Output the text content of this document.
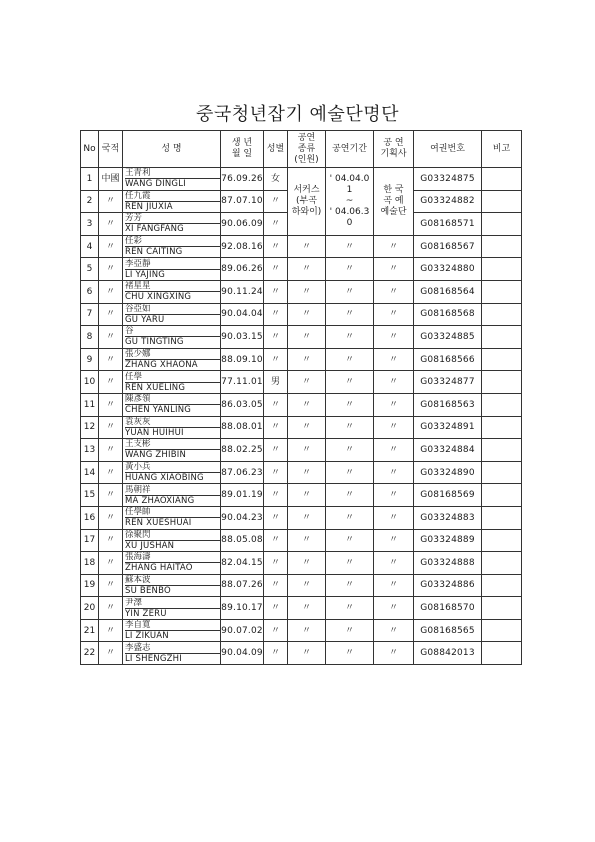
중국청년잡기 예술단명단
No	국적	성 명	생 년
월 일	성별	공연
종류
(인원)	공연기간	공 연
기획사	여권번호	비고
1	中國	王青利
WANG DINGLI	76.09.26	女	서커스
(부곡
하와이)	' 04.04.0
1
~
' 04.06.3
0	한 국
곡 예
예술단	G03324875	
2	〃	任九霞
REN JIUXIA	87.07.10	〃				G03324882	
3	〃	芳芳
XI FANGFANG	90.06.09	〃				G08168571	
4	〃	任彩
REN CAITING	92.08.16	〃	〃	〃	〃	G08168567	
5	〃	李亞靜
LI YAJING	89.06.26	〃	〃	〃	〃	G03324880	
6	〃	褚星星
CHU XINGXING	90.11.24	〃	〃	〃	〃	G08168564	
7	〃	谷亞如
GU YARU	90.04.04	〃	〃	〃	〃	G08168568	
8	〃	谷
GU TINGTING	90.03.15	〃	〃	〃	〃	G03324885	
9	〃	張少娜
ZHANG XHAONA	88.09.10	〃	〃	〃	〃	G08168566	
10	〃	任學
REN XUELING	77.11.01	男	〃	〃	〃	G03324877	
11	〃	陳彥領
CHEN YANLING	86.03.05	〃	〃	〃	〃	G08168563	
12	〃	袁灰灰
YUAN HUIHUI	88.08.01	〃	〃	〃	〃	G03324891	
13	〃	王支彬
WANG ZHIBIN	88.02.25	〃	〃	〃	〃	G03324884	
14	〃	黃小兵
HUANG XIAOBING	87.06.23	〃	〃	〃	〃	G03324890	
15	〃	馬朝祥
MA ZHAOXIANG	89.01.19	〃	〃	〃	〃	G08168569	
16	〃	任學帥
REN XUESHUAI	90.04.23	〃	〃	〃	〃	G03324883	
17	〃	徐聚閃
XU JUSHAN	88.05.08	〃	〃	〃	〃	G03324889	
18	〃	張海濤
ZHANG HAITAO	82.04.15	〃	〃	〃	〃	G03324888	
19	〃	蘇本波
SU BENBO	88.07.26	〃	〃	〃	〃	G03324886	
20	〃	尹澤
YIN ZERU	89.10.17	〃	〃	〃	〃	G08168570	
21	〃	李自寬
LI ZIKUAN	90.07.02	〃	〃	〃	〃	G08168565	
22	〃	李盛志
LI SHENGZHI	90.04.09	〃	〃	〃	〃	G08842013	
